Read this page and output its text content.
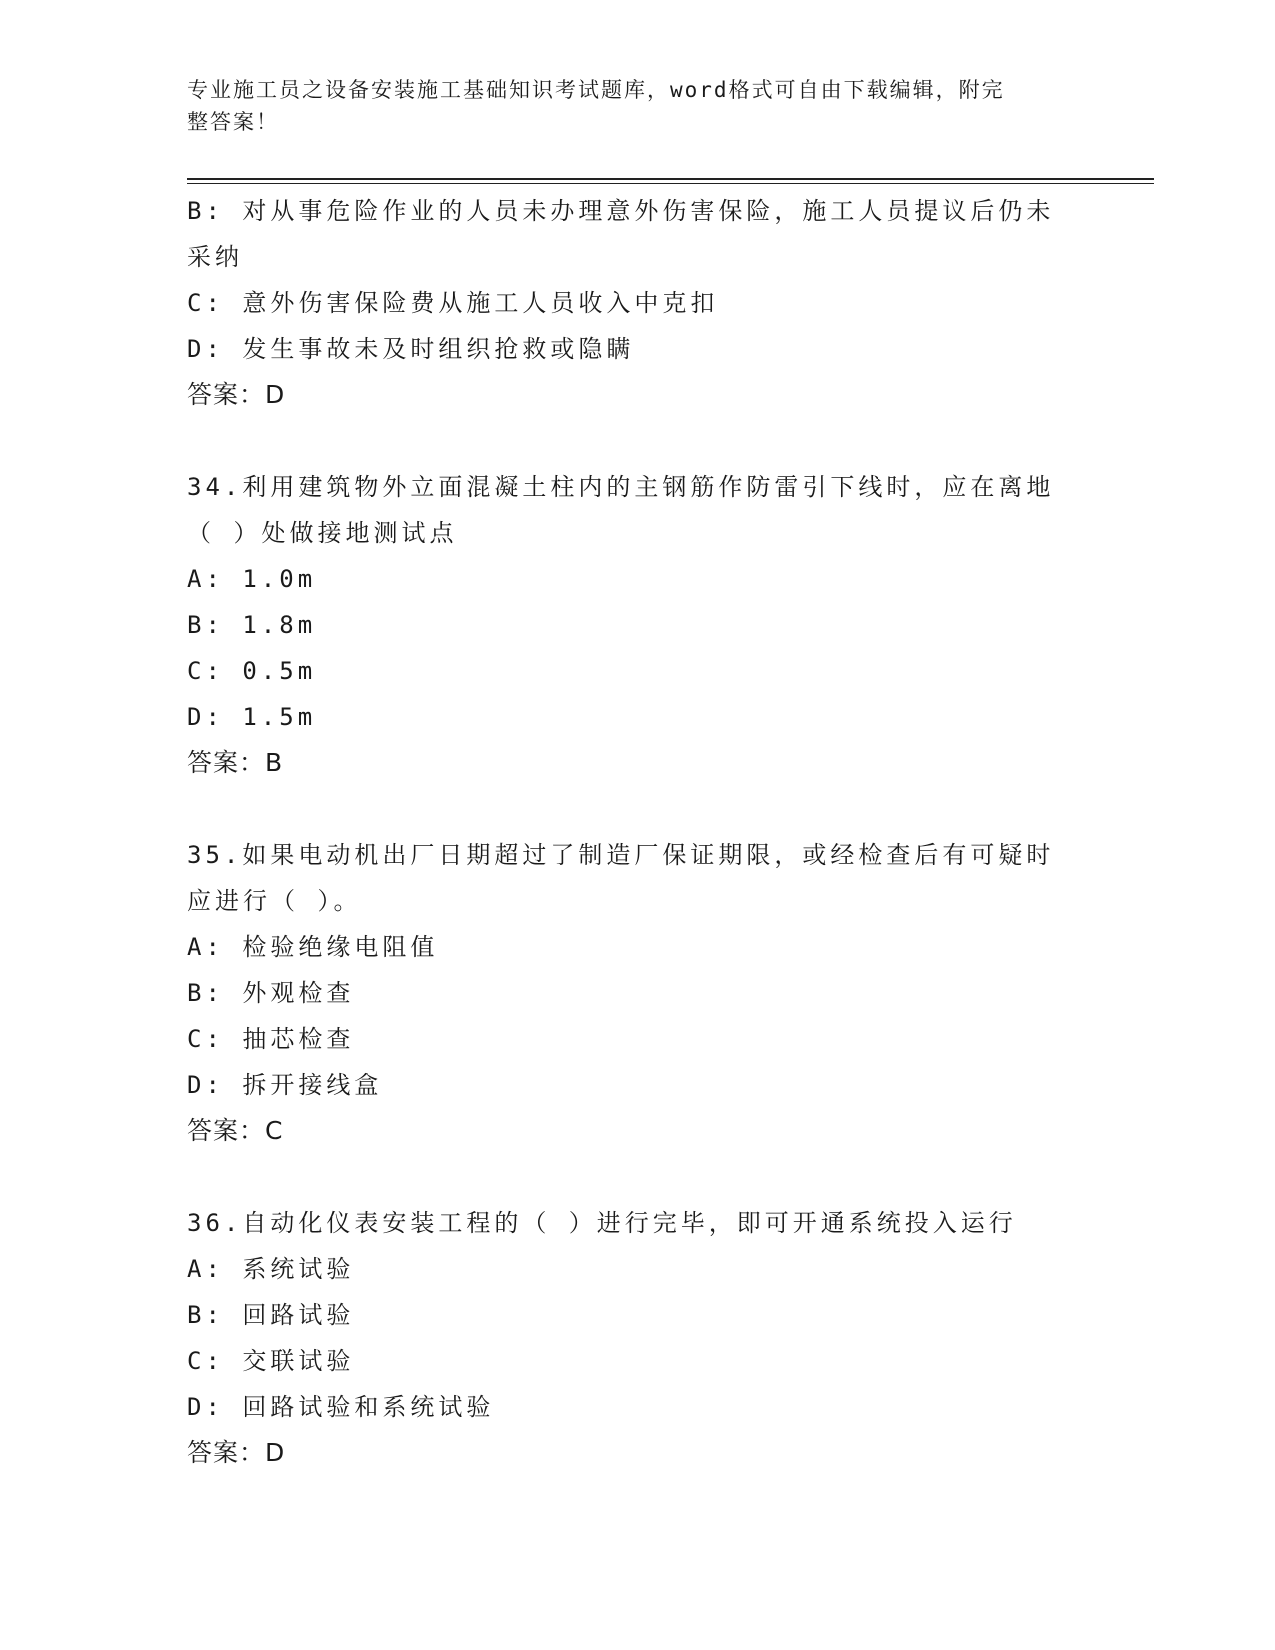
专业施工员之设备安装施工基础知识考试题库，word格式可自由下载编辑，附完
整答案！
B: 对从事危险作业的人员未办理意外伤害保险，施工人员提议后仍未
采纳
C: 意外伤害保险费从施工人员收入中克扣
D: 发生事故未及时组织抢救或隐瞒
答案：D
34.利用建筑物外立面混凝土柱内的主钢筋作防雷引下线时，应在离地
（ ）处做接地测试点
A: 1.0m
B: 1.8m
C: 0.5m
D: 1.5m
答案：B
35.如果电动机出厂日期超过了制造厂保证期限，或经检查后有可疑时
应进行（ ）。
A: 检验绝缘电阻值
B: 外观检查
C: 抽芯检查
D: 拆开接线盒
答案：C
36.自动化仪表安装工程的（ ）进行完毕，即可开通系统投入运行
A: 系统试验
B: 回路试验
C: 交联试验
D: 回路试验和系统试验
答案：D
